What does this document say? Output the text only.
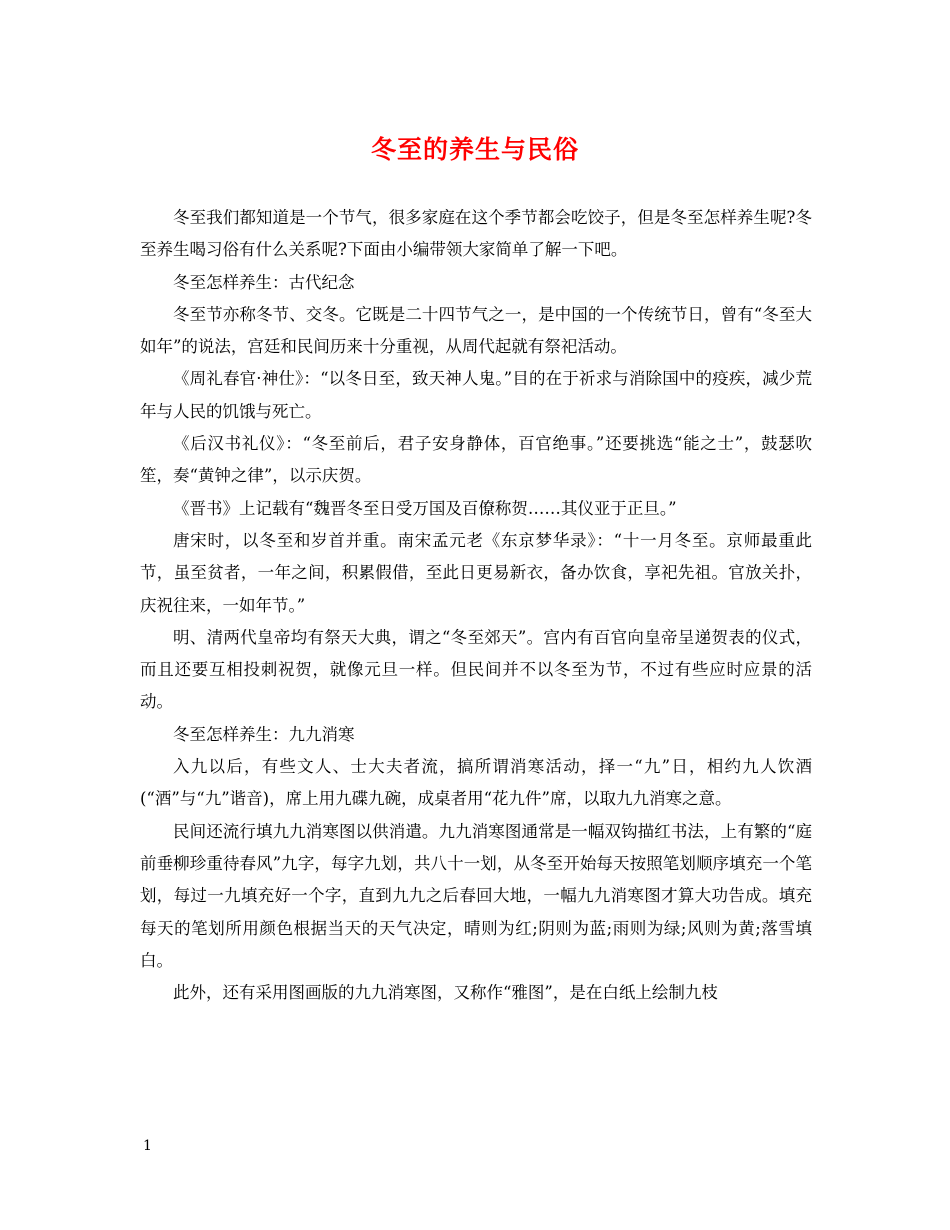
冬至的养生与民俗

冬至我们都知道是一个节气，很多家庭在这个季节都会吃饺子，但是冬至怎样养生呢?冬至养生喝习俗有什么关系呢?下面由小编带领大家简单了解一下吧。

冬至怎样养生：古代纪念

冬至节亦称冬节、交冬。它既是二十四节气之一，是中国的一个传统节日，曾有“冬至大如年”的说法，宫廷和民间历来十分重视，从周代起就有祭祀活动。

《周礼春官·神仕》：“以冬日至，致天神人鬼。”目的在于祈求与消除国中的疫疾，减少荒年与人民的饥饿与死亡。

《后汉书礼仪》：“冬至前后，君子安身静体，百官绝事。”还要挑选“能之士”，鼓瑟吹笙，奏“黄钟之律”，以示庆贺。

《晋书》上记载有“魏晋冬至日受万国及百僚称贺……其仪亚于正旦。”

唐宋时，以冬至和岁首并重。南宋孟元老《东京梦华录》：“十一月冬至。京师最重此节，虽至贫者，一年之间，积累假借，至此日更易新衣，备办饮食，享祀先祖。官放关扑，庆祝往来，一如年节。”

明、清两代皇帝均有祭天大典，谓之“冬至郊天”。宫内有百官向皇帝呈递贺表的仪式，而且还要互相投刺祝贺，就像元旦一样。但民间并不以冬至为节，不过有些应时应景的活动。

冬至怎样养生：九九消寒

入九以后，有些文人、士大夫者流，搞所谓消寒活动，择一“九”日，相约九人饮酒(“酒”与“九”谐音)，席上用九碟九碗，成桌者用“花九件”席，以取九九消寒之意。

民间还流行填九九消寒图以供消遣。九九消寒图通常是一幅双钩描红书法，上有繁的“庭前垂柳珍重待春风”九字，每字九划，共八十一划，从冬至开始每天按照笔划顺序填充一个笔划，每过一九填充好一个字，直到九九之后春回大地，一幅九九消寒图才算大功告成。填充每天的笔划所用颜色根据当天的天气决定，晴则为红;阴则为蓝;雨则为绿;风则为黄;落雪填白。

此外，还有采用图画版的九九消寒图，又称作“雅图”，是在白纸上绘制九枝

1
